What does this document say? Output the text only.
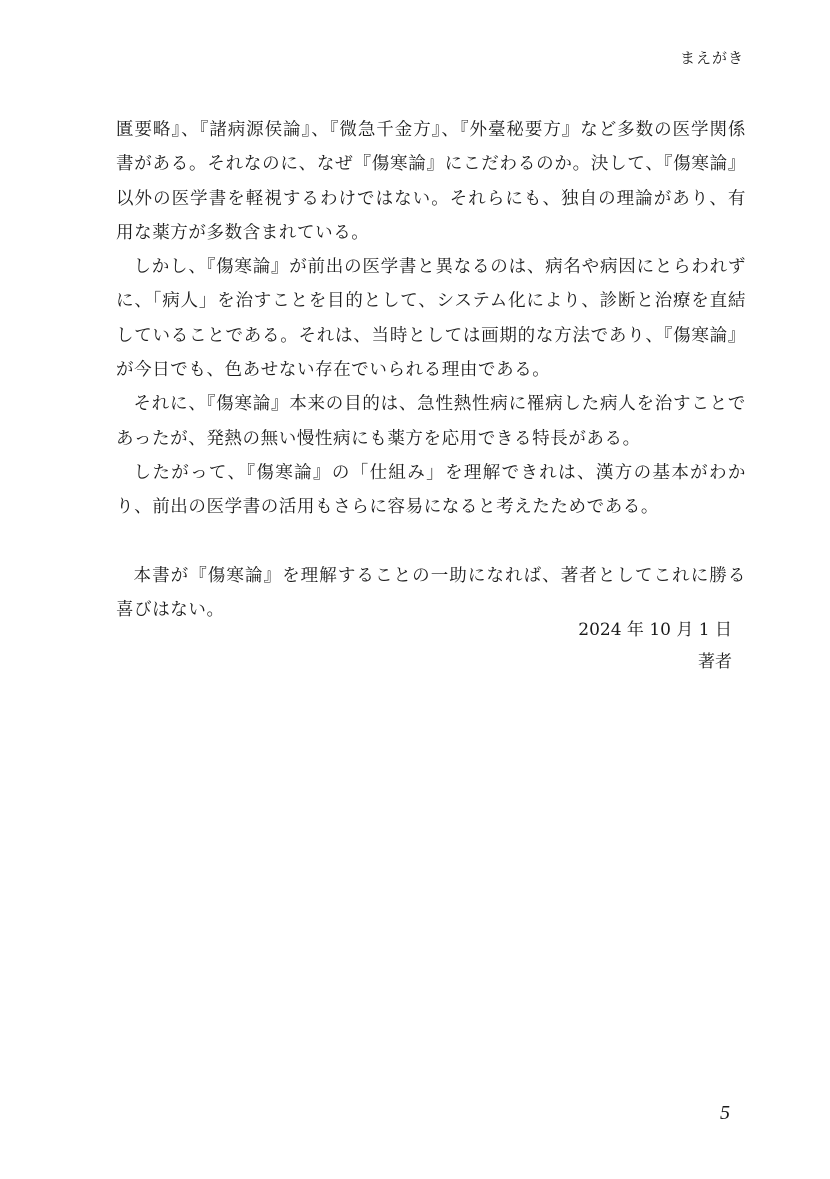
まえがき

匱要略』、『諸病源侯論』、『微急千金方』、『外臺秘要方』など多数の医学関係書がある。それなのに、なぜ『傷寒論』にこだわるのか。決して、『傷寒論』以外の医学書を軽視するわけではない。それらにも、独自の理論があり、有用な薬方が多数含まれている。

しかし、『傷寒論』が前出の医学書と異なるのは、病名や病因にとらわれずに、「病人」を治すことを目的として、システム化により、診断と治療を直結していることである。それは、当時としては画期的な方法であり、『傷寒論』が今日でも、色あせない存在でいられる理由である。

それに、『傷寒論』本来の目的は、急性熱性病に罹病した病人を治すことであったが、発熱の無い慢性病にも薬方を応用できる特長がある。

したがって、『傷寒論』の「仕組み」を理解できれは、漢方の基本がわかり、前出の医学書の活用もさらに容易になると考えたためである。

本書が『傷寒論』を理解することの一助になれば、著者としてこれに勝る喜びはない。

2024 年 10 月 1 日
著者
5
